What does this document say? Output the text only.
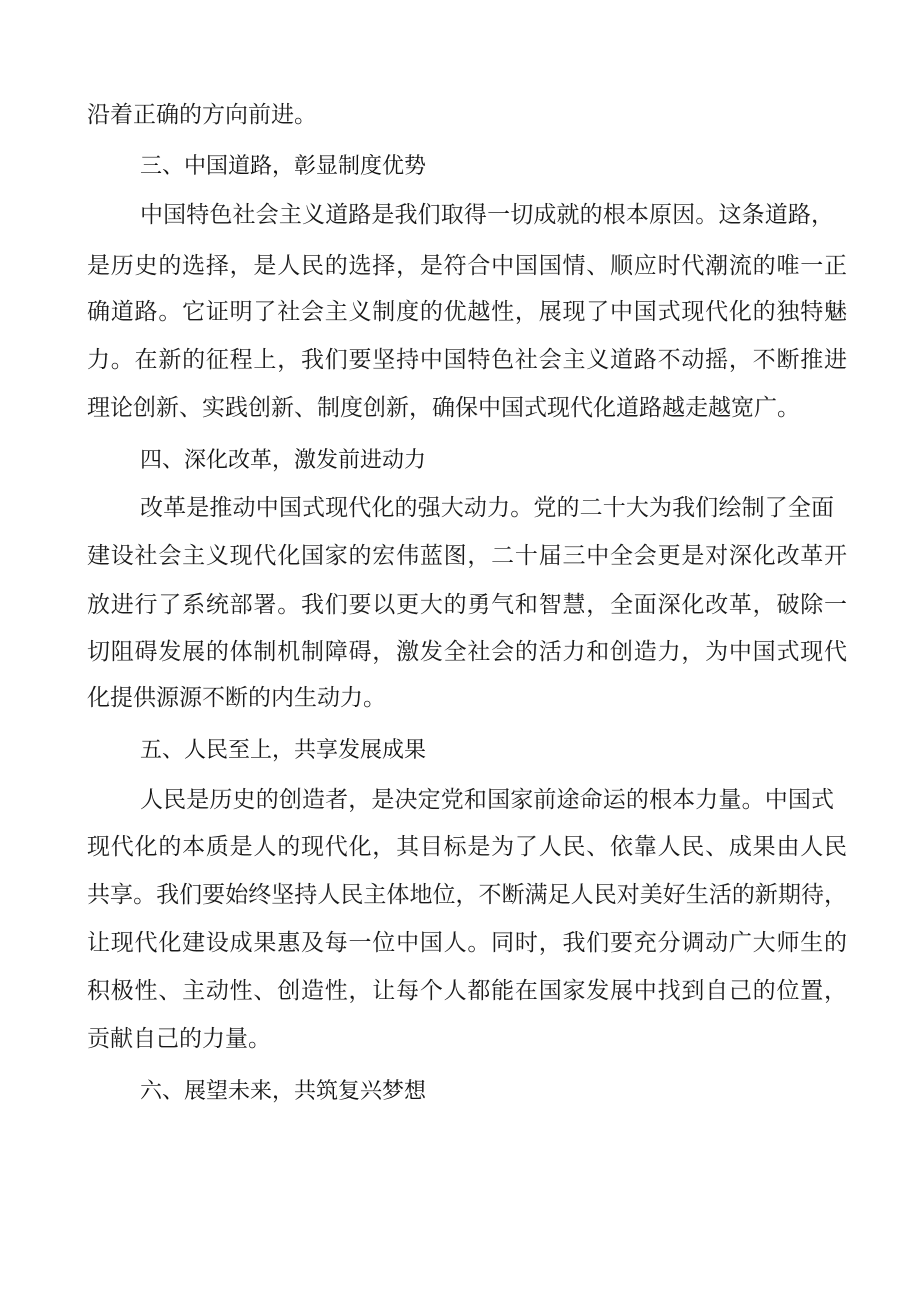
沿着正确的方向前进。
三、中国道路，彰显制度优势
中国特色社会主义道路是我们取得一切成就的根本原因。这条道路，
是历史的选择，是人民的选择，是符合中国国情、顺应时代潮流的唯一正
确道路。它证明了社会主义制度的优越性，展现了中国式现代化的独特魅
力。在新的征程上，我们要坚持中国特色社会主义道路不动摇，不断推进
理论创新、实践创新、制度创新，确保中国式现代化道路越走越宽广。
四、深化改革，激发前进动力
改革是推动中国式现代化的强大动力。党的二十大为我们绘制了全面
建设社会主义现代化国家的宏伟蓝图，二十届三中全会更是对深化改革开
放进行了系统部署。我们要以更大的勇气和智慧，全面深化改革，破除一
切阻碍发展的体制机制障碍，激发全社会的活力和创造力，为中国式现代
化提供源源不断的内生动力。
五、人民至上，共享发展成果
人民是历史的创造者，是决定党和国家前途命运的根本力量。中国式
现代化的本质是人的现代化，其目标是为了人民、依靠人民、成果由人民
共享。我们要始终坚持人民主体地位，不断满足人民对美好生活的新期待，
让现代化建设成果惠及每一位中国人。同时，我们要充分调动广大师生的
积极性、主动性、创造性，让每个人都能在国家发展中找到自己的位置，
贡献自己的力量。
六、展望未来，共筑复兴梦想
